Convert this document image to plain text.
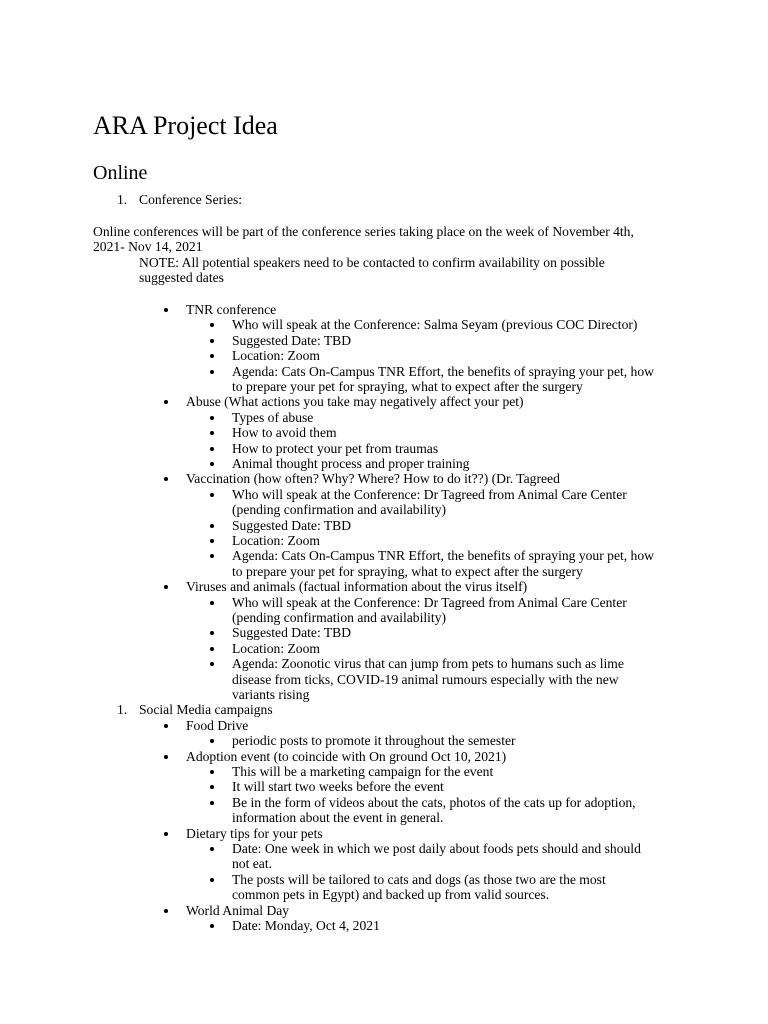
ARA Project Idea
Online
1. Conference Series:
Online conferences will be part of the conference series taking place on the week of November 4th,
2021- Nov 14, 2021
NOTE: All potential speakers need to be contacted to confirm availability on possible
suggested dates
TNR conference
Who will speak at the Conference: Salma Seyam (previous COC Director)
Suggested Date: TBD
Location: Zoom
Agenda: Cats On-Campus TNR Effort, the benefits of spraying your pet, how
to prepare your pet for spraying, what to expect after the surgery
Abuse (What actions you take may negatively affect your pet)
Types of abuse
How to avoid them
How to protect your pet from traumas
Animal thought process and proper training
Vaccination (how often? Why? Where? How to do it??) (Dr. Tagreed
Who will speak at the Conference: Dr Tagreed from Animal Care Center
(pending confirmation and availability)
Suggested Date: TBD
Location: Zoom
Agenda: Cats On-Campus TNR Effort, the benefits of spraying your pet, how
to prepare your pet for spraying, what to expect after the surgery
Viruses and animals (factual information about the virus itself)
Who will speak at the Conference: Dr Tagreed from Animal Care Center
(pending confirmation and availability)
Suggested Date: TBD
Location: Zoom
Agenda: Zoonotic virus that can jump from pets to humans such as lime
disease from ticks, COVID-19 animal rumours especially with the new
variants rising
1. Social Media campaigns
Food Drive
periodic posts to promote it throughout the semester
Adoption event (to coincide with On ground Oct 10, 2021)
This will be a marketing campaign for the event
It will start two weeks before the event
Be in the form of videos about the cats, photos of the cats up for adoption,
information about the event in general.
Dietary tips for your pets
Date: One week in which we post daily about foods pets should and should
not eat.
The posts will be tailored to cats and dogs (as those two are the most
common pets in Egypt) and backed up from valid sources.
World Animal Day
Date: Monday, Oct 4, 2021
